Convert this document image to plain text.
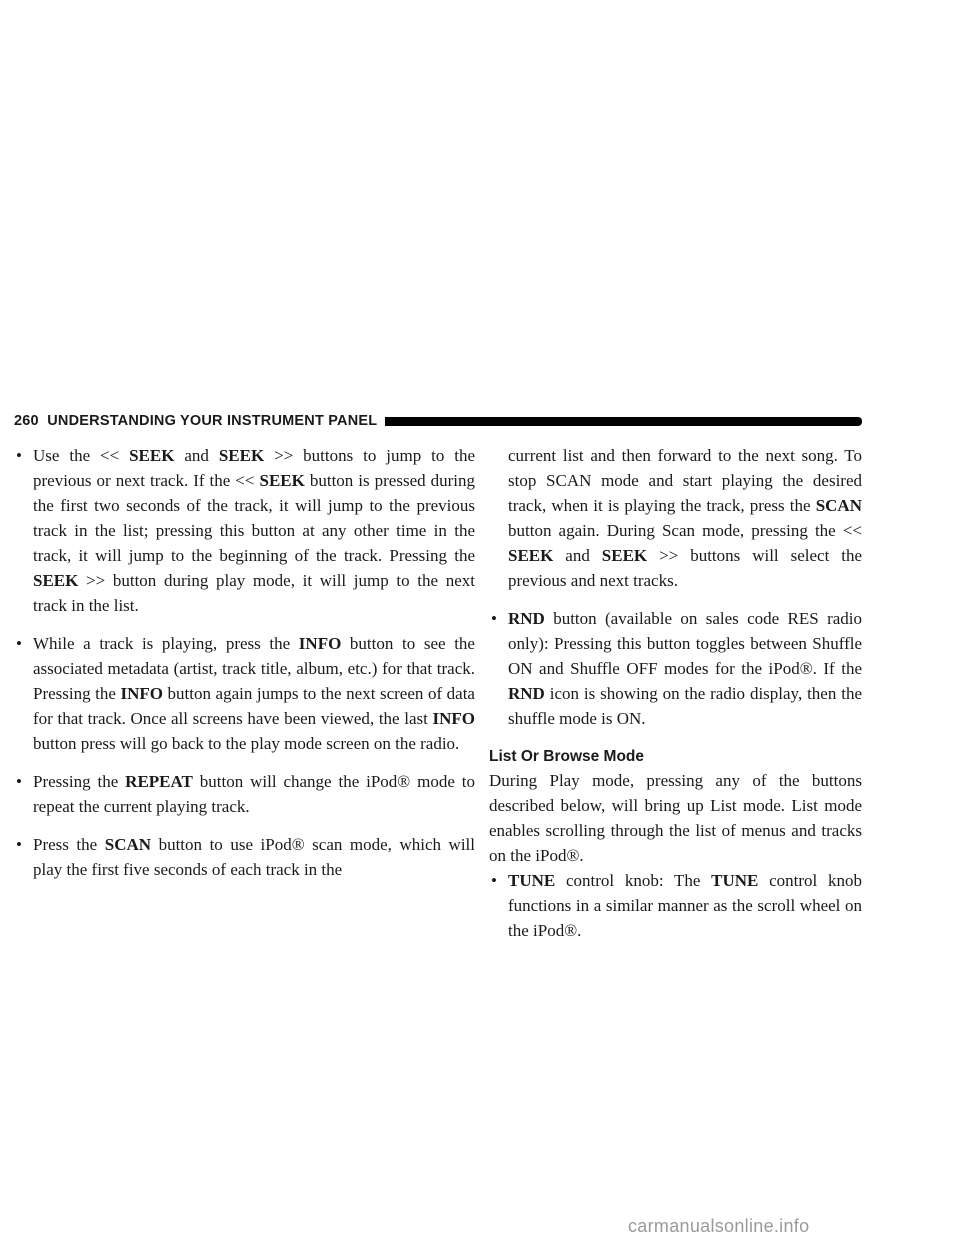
260 UNDERSTANDING YOUR INSTRUMENT PANEL
• Use the << SEEK and SEEK >> buttons to jump to the previous or next track. If the << SEEK button is pressed during the first two seconds of the track, it will jump to the previous track in the list; pressing this button at any other time in the track, it will jump to the beginning of the track. Pressing the SEEK >> button during play mode, it will jump to the next track in the list.

• While a track is playing, press the INFO button to see the associated metadata (artist, track title, album, etc.) for that track. Pressing the INFO button again jumps to the next screen of data for that track. Once all screens have been viewed, the last INFO button press will go back to the play mode screen on the radio.

• Pressing the REPEAT button will change the iPod® mode to repeat the current playing track.

• Press the SCAN button to use iPod® scan mode, which will play the first five seconds of each track in the

current list and then forward to the next song. To stop SCAN mode and start playing the desired track, when it is playing the track, press the SCAN button again. During Scan mode, pressing the << SEEK and SEEK >> buttons will select the previous and next tracks.

• RND button (available on sales code RES radio only): Pressing this button toggles between Shuffle ON and Shuffle OFF modes for the iPod®. If the RND icon is showing on the radio display, then the shuffle mode is ON.

List Or Browse Mode

During Play mode, pressing any of the buttons described below, will bring up List mode. List mode enables scrolling through the list of menus and tracks on the iPod®.

• TUNE control knob: The TUNE control knob functions in a similar manner as the scroll wheel on the iPod®.

carmanualsonline.info
